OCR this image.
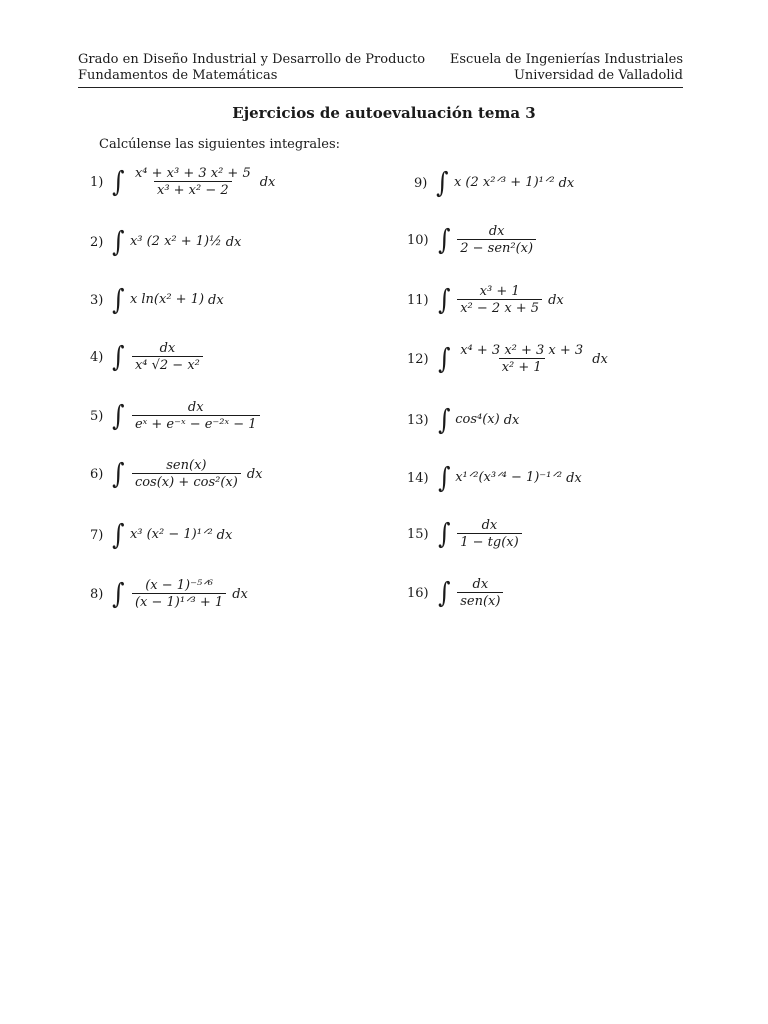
Grado en Diseño Industrial y Desarrollo de Producto
Fundamentos de Matemáticas
Escuela de Ingenierías Industriales
Universidad de Valladolid
Ejercicios de autoevaluación tema 3
Calcúlense las siguientes integrales:
1) ∫ $\frac{\text{x⁴ + x³ + 3 x² + 5}}{\text{x³ + x² − 2}}$ dx
2) ∫ x³ (2 x² + 1)½ dx
3) ∫ x ln(x² + 1) dx
4) ∫ $\frac{dx}{\text{x⁴ √2 − x²}}$
5) ∫ $\frac{dx}{\text{eˣ + e⁻ˣ − e⁻²ˣ − 1}}$
6) ∫ $\frac{\text{sen(x)}}{\text{cos(x) + cos²(x)}}$ dx
7) ∫ x³ (x² − 1)¹ᐟ² dx
8) ∫ $\frac{\text{(x − 1)⁻⁵ᐟ⁶}}{\text{(x − 1)¹ᐟ³ + 1}}$ dx
9) ∫ x (2 x²ᐟ³ + 1)¹ᐟ² dx
10) ∫ $\frac{dx}{\text{2 − sen²(x)}}$
11) ∫ $\frac{\text{x³ + 1}}{\text{x² − 2 x + 5}}$ dx
12) ∫ $\frac{\text{x⁴ + 3 x² + 3 x + 3}}{\text{x² + 1}}$ dx
13) ∫ cos⁴(x) dx
14) ∫ x¹ᐟ²(x³ᐟ⁴ − 1)⁻¹ᐟ² dx
15) ∫ $\frac{dx}{1 - tg(x)}$
16) ∫ $\frac{dx}{\text{sen(x)}}$
